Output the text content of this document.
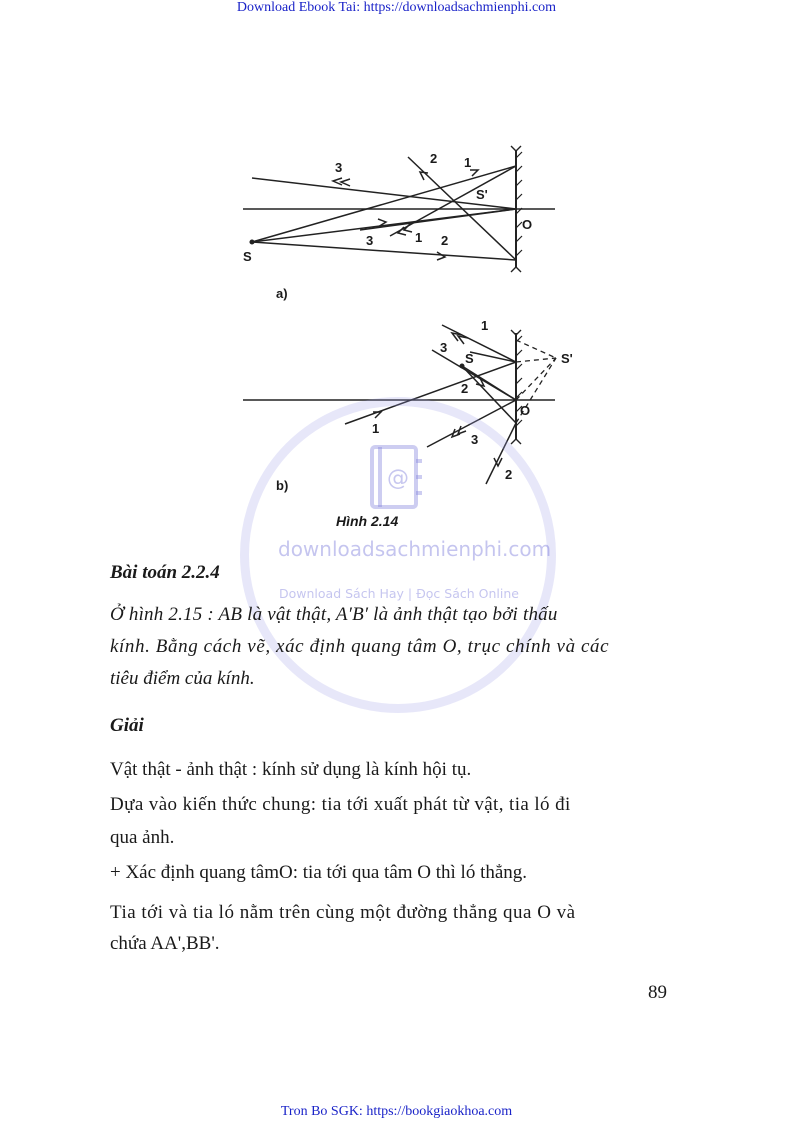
Download Ebook Tai: https://downloadsachmienphi.com
3
2 1
S'
O
3	1 2
S
a)
1
3
S	S'
2
O
1
3
2
b)
Hình 2.14
@
downloadsachmienphi.com
Download Sách Hay | Đọc Sách Online
Bài toán 2.2.4
Ở hình 2.15 : AB là vật thật, A′B′ là ảnh thật tạo bởi thấu
kính. Bằng cách vẽ, xác định quang tâm O, trục chính và các
tiêu điểm của kính.
Giải
Vật thật - ảnh thật : kính sử dụng là kính hội tụ.
Dựa vào kiến thức chung: tia tới xuất phát từ vật, tia ló đi
qua ảnh.
+ Xác định quang tâmO: tia tới qua tâm O thì ló thẳng.
Tia tới và tia ló nằm trên cùng một đường thẳng qua O và
chứa AA',BB'.
89
Tron Bo SGK: https://bookgiaokhoa.com
